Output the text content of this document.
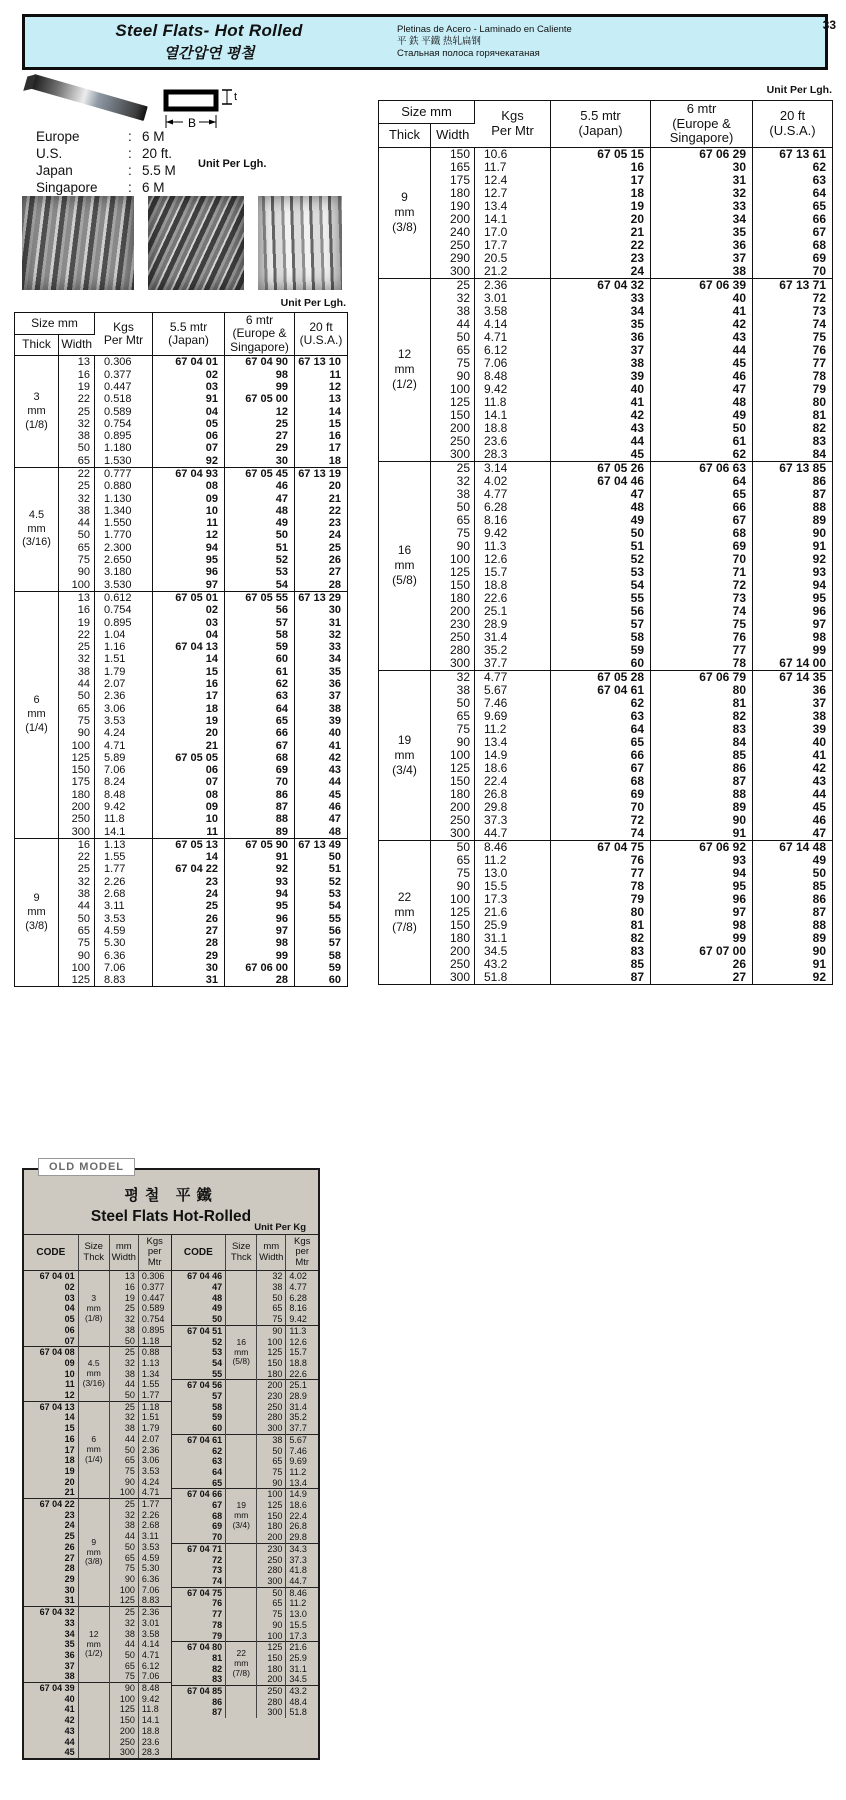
Steel Flats- Hot Rolled
열간압연 평철
Pletinas de Acero - Laminado en Caliente
平 鉄 平鐵 热轧扁钢
Стальная полоса горячекатаная
33
B
t
Europe	: 6 M
U.S.	: 20 ft.
Japan	: 5.5 M
Singapore	: 6 M
Unit Per Lgh.
Unit Per Lgh.
Unit Per Lgh.
Size mm		Kgs
Per Mtr	5.5 mtr
(Japan)	6 mtr
(Europe &
Singapore)	20 ft
(U.S.A.)

Thick	Width				
3
mm
(1/8)	13	0.306	67 04 01	67 04 90	67 13 10
	16	0.377	02	98	11
	19	0.447	03	99	12
	22	0.518	91	67 05 00	13
	25	0.589	04	12	14
	32	0.754	05	25	15
	38	0.895	06	27	16
	50	1.180	07	29	17
	65	1.530	92	30	18
4.5
mm
(3/16)	22	0.777	67 04 93	67 05 45	67 13 19
	25	0.880	08	46	20
	32	1.130	09	47	21
	38	1.340	10	48	22
	44	1.550	11	49	23
	50	1.770	12	50	24
	65	2.300	94	51	25
	75	2.650	95	52	26
	90	3.180	96	53	27
	100	3.530	97	54	28
6
mm
(1/4)	13	0.612	67 05 01	67 05 55	67 13 29
	16	0.754	02	56	30
	19	0.895	03	57	31
	22	1.04	04	58	32
	25	1.16	67 04 13	59	33
	32	1.51	14	60	34
	38	1.79	15	61	35
	44	2.07	16	62	36
	50	2.36	17	63	37
	65	3.06	18	64	38
	75	3.53	19	65	39
	90	4.24	20	66	40
	100	4.71	21	67	41
	125	5.89	67 05 05	68	42
	150	7.06	06	69	43
	175	8.24	07	70	44
	180	8.48	08	86	45
	200	9.42	09	87	46
	250	11.8	10	88	47
	300	14.1	11	89	48
9
mm
(3/8)	16	1.13	67 05 13	67 05 90	67 13 49
	22	1.55	14	91	50
	25	1.77	67 04 22	92	51
	32	2.26	23	93	52
	38	2.68	24	94	53
	44	3.11	25	95	54
	50	3.53	26	96	55
	65	4.59	27	97	56
	75	5.30	28	98	57
	90	6.36	29	99	58
	100	7.06	30	67 06 00	59
	125	8.83	31	28	60
Size mm		Kgs
Per Mtr	5.5 mtr
(Japan)	6 mtr
(Europe &
Singapore)	20 ft
(U.S.A.)

Thick	Width				
9
mm
(3/8)	150	10.6	67 05 15	67 06 29	67 13 61
	165	11.7	16	30	62
	175	12.4	17	31	63
	180	12.7	18	32	64
	190	13.4	19	33	65
	200	14.1	20	34	66
	240	17.0	21	35	67
	250	17.7	22	36	68
	290	20.5	23	37	69
	300	21.2	24	38	70
12
mm
(1/2)	25	2.36	67 04 32	67 06 39	67 13 71
	32	3.01	33	40	72
	38	3.58	34	41	73
	44	4.14	35	42	74
	50	4.71	36	43	75
	65	6.12	37	44	76
	75	7.06	38	45	77
	90	8.48	39	46	78
	100	9.42	40	47	79
	125	11.8	41	48	80
	150	14.1	42	49	81
	200	18.8	43	50	82
	250	23.6	44	61	83
	300	28.3	45	62	84
16
mm
(5/8)	25	3.14	67 05 26	67 06 63	67 13 85
	32	4.02	67 04 46	64	86
	38	4.77	47	65	87
	50	6.28	48	66	88
	65	8.16	49	67	89
	75	9.42	50	68	90
	90	11.3	51	69	91
	100	12.6	52	70	92
	125	15.7	53	71	93
	150	18.8	54	72	94
	180	22.6	55	73	95
	200	25.1	56	74	96
	230	28.9	57	75	97
	250	31.4	58	76	98
	280	35.2	59	77	99
	300	37.7	60	78	67 14 00
19
mm
(3/4)	32	4.77	67 05 28	67 06 79	67 14 35
	38	5.67	67 04 61	80	36
	50	7.46	62	81	37
	65	9.69	63	82	38
	75	11.2	64	83	39
	90	13.4	65	84	40
	100	14.9	66	85	41
	125	18.6	67	86	42
	150	22.4	68	87	43
	180	26.8	69	88	44
	200	29.8	70	89	45
	250	37.3	72	90	46
	300	44.7	74	91	47
22
mm
(7/8)	50	8.46	67 04 75	67 06 92	67 14 48
	65	11.2	76	93	49
	75	13.0	77	94	50
	90	15.5	78	95	85
	100	17.3	79	96	86
	125	21.6	80	97	87
	150	25.9	81	98	88
	180	31.1	82	99	89
	200	34.5	83	67 07 00	90
	250	43.2	85	26	91
	300	51.8	87	27	92
OLD MODEL
평철 平鐵
Steel Flats Hot-Rolled
Unit Per Kg
CODE	Size
Thck	mm
Width	Kgs per
Mtr

67 04 01	3
mm
(1/8)	13	0.306
02		16	0.377
03		19	0.447
04		25	0.589
05		32	0.754
06		38	0.895
07		50	1.18
67 04 08	4.5
mm
(3/16)	25	0.88
09		32	1.13
10		38	1.34
11		44	1.55
12		50	1.77
67 04 13	6
mm
(1/4)	25	1.18
14		32	1.51
15		38	1.79
16		44	2.07
17		50	2.36
18		65	3.06
19		75	3.53
20		90	4.24
21		100	4.71
67 04 22	9
mm
(3/8)	25	1.77
23		32	2.26
24		38	2.68
25		44	3.11
26		50	3.53
27		65	4.59
28		75	5.30
29		90	6.36
30		100	7.06
31		125	8.83
67 04 32	12
mm
(1/2)	25	2.36
33		32	3.01
34		38	3.58
35		44	4.14
36		50	4.71
37		65	6.12
38		75	7.06
67 04 39		90	8.48
40		100	9.42
41		125	11.8
42		150	14.1
43		200	18.8
44		250	23.6
45		300	28.3
CODE	Size
Thck	mm
Width	Kgs per
Mtr

67 04 46		32	4.02
47		38	4.77
48		50	6.28
49		65	8.16
50		75	9.42
67 04 51	16
mm
(5/8)	90	11.3
52		100	12.6
53		125	15.7
54		150	18.8
55		180	22.6
67 04 56		200	25.1
57		230	28.9
58		250	31.4
59		280	35.2
60		300	37.7
67 04 61		38	5.67
62		50	7.46
63		65	9.69
64		75	11.2
65		90	13.4
67 04 66	19
mm
(3/4)	100	14.9
67		125	18.6
68		150	22.4
69		180	26.8
70		200	29.8
67 04 71		230	34.3
72		250	37.3
73		280	41.8
74		300	44.7
67 04 75		50	8.46
76		65	11.2
77		75	13.0
78		90	15.5
79		100	17.3
67 04 80	22
mm
(7/8)	125	21.6
81		150	25.9
82		180	31.1
83		200	34.5
67 04 85		250	43.2
86		280	48.4
87		300	51.8
